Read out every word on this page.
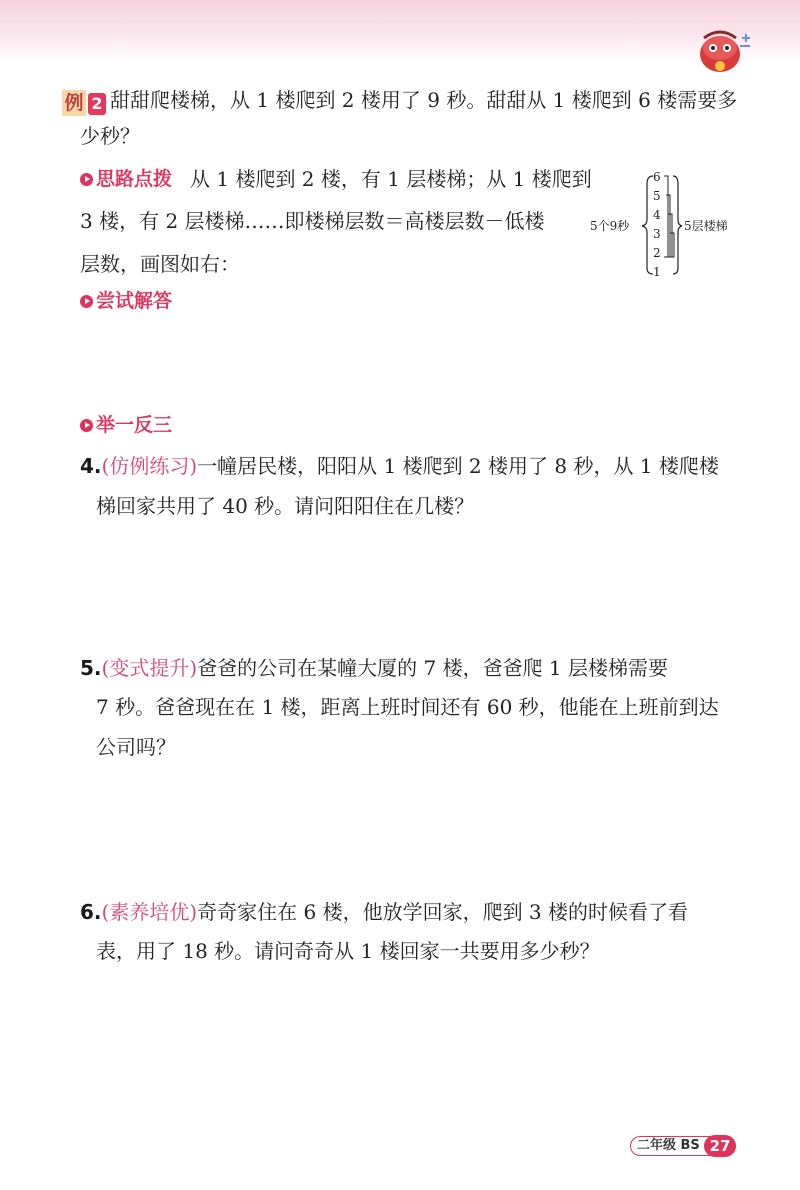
例 2 甜甜爬楼梯，从 1 楼爬到 2 楼用了 9 秒。甜甜从 1 楼爬到 6 楼需要多
少秒？
思路点拨 从 1 楼爬到 2 楼，有 1 层楼梯；从 1 楼爬到
3 楼，有 2 层楼梯……即楼梯层数＝高楼层数－低楼
层数，画图如右：
5个9秒
6
5
4
3
2
1
5层楼梯
尝试解答
举一反三
4.(仿例练习)一幢居民楼，阳阳从 1 楼爬到 2 楼用了 8 秒，从 1 楼爬楼
梯回家共用了 40 秒。请问阳阳住在几楼？
5.(变式提升)爸爸的公司在某幢大厦的 7 楼，爸爸爬 1 层楼梯需要
7 秒。爸爸现在在 1 楼，距离上班时间还有 60 秒，他能在上班前到达
公司吗？
6.(素养培优)奇奇家住在 6 楼，他放学回家，爬到 3 楼的时候看了看
表，用了 18 秒。请问奇奇从 1 楼回家一共要用多少秒？
二年级 BS 27
